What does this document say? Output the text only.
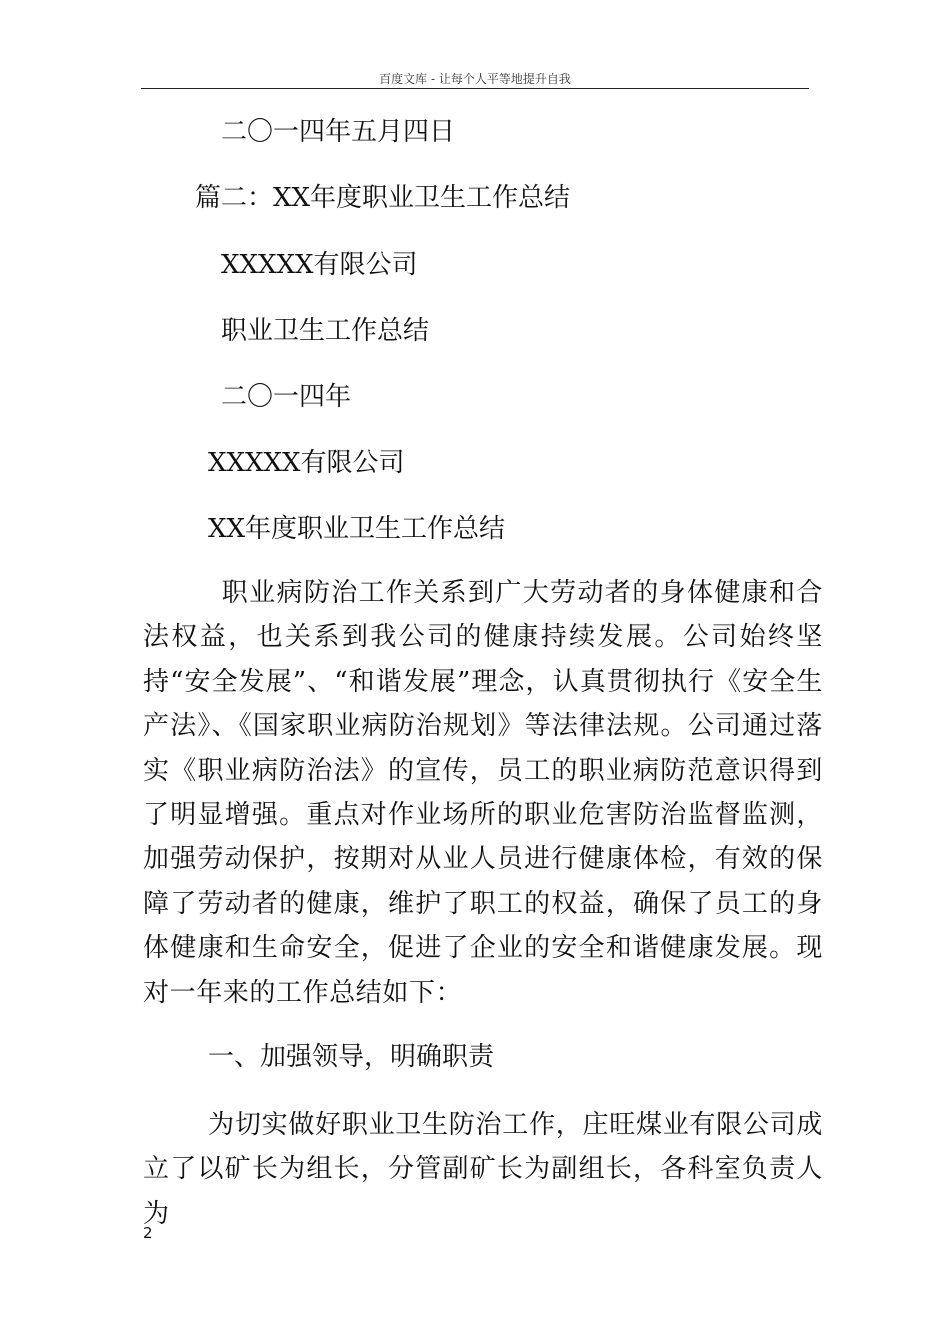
百度文库 - 让每个人平等地提升自我
二〇一四年五月四日
篇二：XX年度职业卫生工作总结
XXXXX有限公司
职业卫生工作总结
二〇一四年
XXXXX有限公司
XX年度职业卫生工作总结
职业病防治工作关系到广大劳动者的身体健康和合法权益，也关系到我公司的健康持续发展。公司始终坚持“安全发展”、“和谐发展”理念，认真贯彻执行《安全生产法》、《国家职业病防治规划》等法律法规。公司通过落实《职业病防治法》的宣传，员工的职业病防范意识得到了明显增强。重点对作业场所的职业危害防治监督监测，加强劳动保护，按期对从业人员进行健康体检，有效的保障了劳动者的健康，维护了职工的权益，确保了员工的身体健康和生命安全，促进了企业的安全和谐健康发展。现对一年来的工作总结如下：
一、加强领导，明确职责
为切实做好职业卫生防治工作，庄旺煤业有限公司成立了以矿长为组长，分管副矿长为副组长，各科室负责人为
2
